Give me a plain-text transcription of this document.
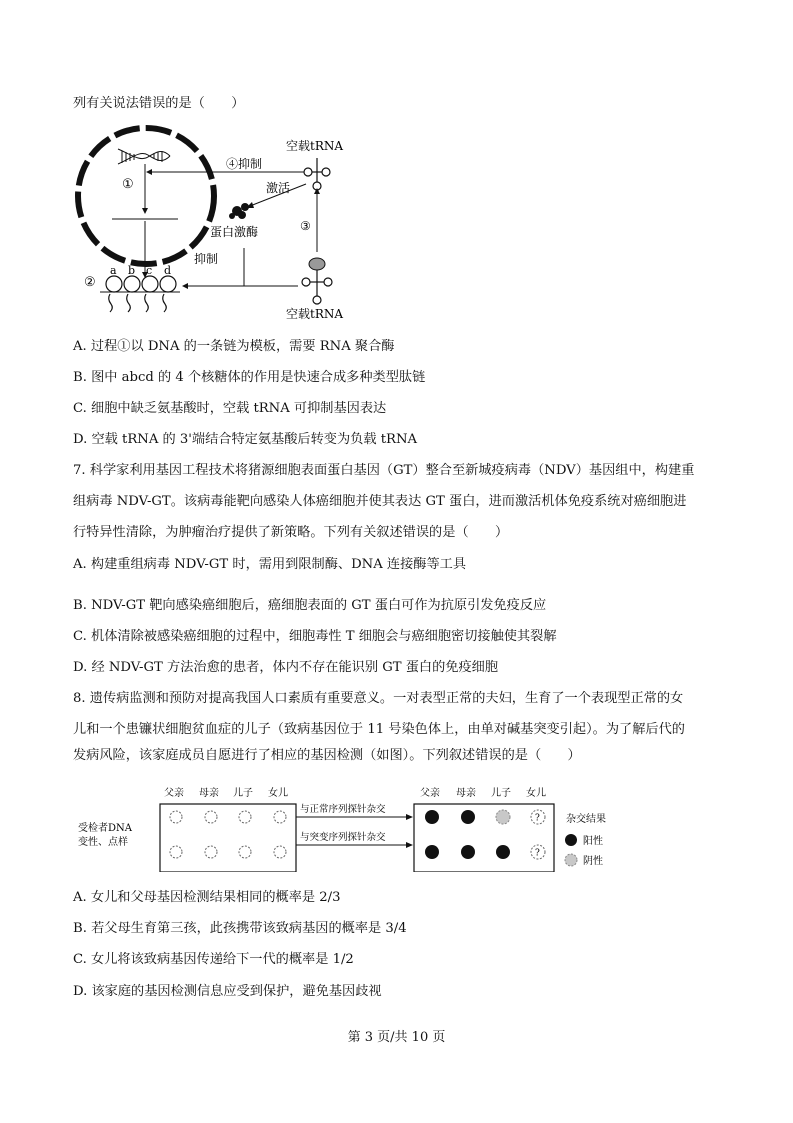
列有关说法错误的是（　　）
①
④抑制
空载tRNA
激活
蛋白激酶	③
抑制
空载tRNA
②
a b c d
A. 过程①以 DNA 的一条链为模板，需要 RNA 聚合酶
B. 图中 abcd 的 4 个核糖体的作用是快速合成多种类型肽链
C. 细胞中缺乏氨基酸时，空载 tRNA 可抑制基因表达
D. 空载 tRNA 的 3'端结合特定氨基酸后转变为负载 tRNA
7. 科学家利用基因工程技术将猪源细胞表面蛋白基因（GT）整合至新城疫病毒（NDV）基因组中，构建重
组病毒 NDV-GT。该病毒能靶向感染人体癌细胞并使其表达 GT 蛋白，进而激活机体免疫系统对癌细胞进
行特异性清除，为肿瘤治疗提供了新策略。下列有关叙述错误的是（　　）
A. 构建重组病毒 NDV-GT 时，需用到限制酶、DNA 连接酶等工具
B. NDV-GT 靶向感染癌细胞后，癌细胞表面的 GT 蛋白可作为抗原引发免疫反应
C. 机体清除被感染癌细胞的过程中，细胞毒性 T 细胞会与癌细胞密切接触使其裂解
D. 经 NDV-GT 方法治愈的患者，体内不存在能识别 GT 蛋白的免疫细胞
8. 遗传病监测和预防对提高我国人口素质有重要意义。一对表型正常的夫妇，生育了一个表现型正常的女
儿和一个患镰状细胞贫血症的儿子（致病基因位于 11 号染色体上，由单对碱基突变引起）。为了解后代的
发病风险，该家庭成员自愿进行了相应的基因检测（如图）。下列叙述错误的是（　　）
受检者DNA
变性、点样
父亲 母亲 儿子 女儿	父亲 母亲 儿子 女儿
?
?
与正常序列探针杂交
与突变序列探针杂交
杂交结果
阳性
阴性
A. 女儿和父母基因检测结果相同的概率是 2/3
B. 若父母生育第三孩，此孩携带该致病基因的概率是 3/4
C. 女儿将该致病基因传递给下一代的概率是 1/2
D. 该家庭的基因检测信息应受到保护，避免基因歧视
第 3 页/共 10 页
